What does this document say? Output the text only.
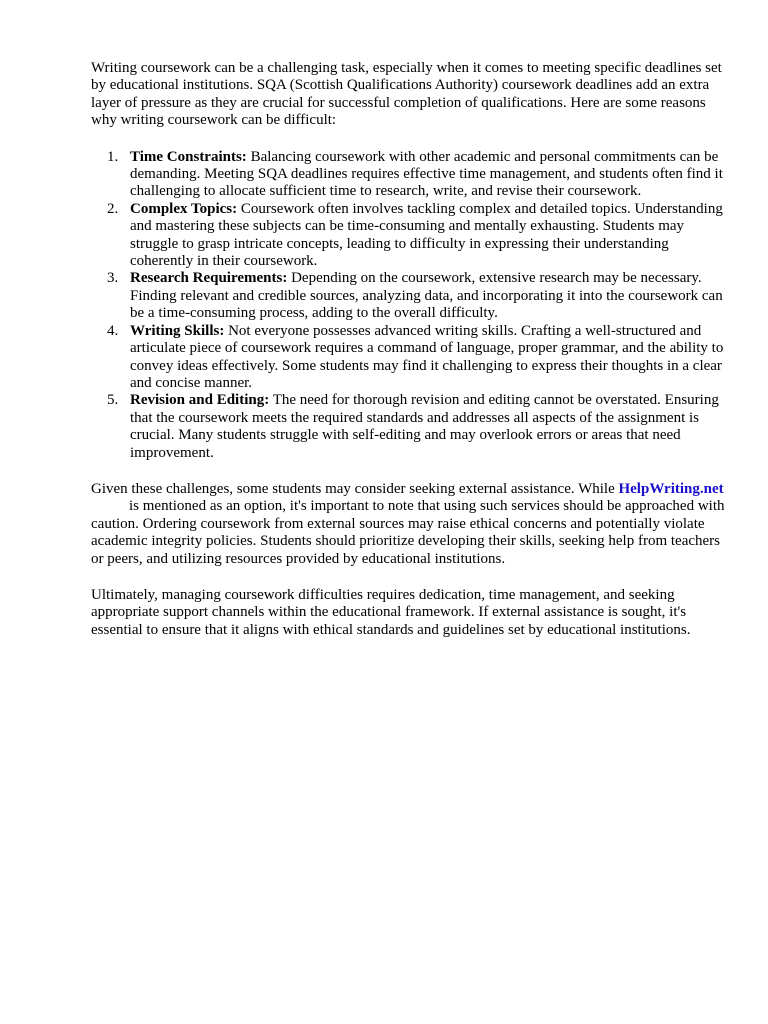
Writing coursework can be a challenging task, especially when it comes to meeting specific deadlines set by educational institutions. SQA (Scottish Qualifications Authority) coursework deadlines add an extra layer of pressure as they are crucial for successful completion of qualifications. Here are some reasons why writing coursework can be difficult:

1. Time Constraints: Balancing coursework with other academic and personal commitments can be demanding. Meeting SQA deadlines requires effective time management, and students often find it challenging to allocate sufficient time to research, write, and revise their coursework.
2. Complex Topics: Coursework often involves tackling complex and detailed topics. Understanding and mastering these subjects can be time-consuming and mentally exhausting. Students may struggle to grasp intricate concepts, leading to difficulty in expressing their understanding coherently in their coursework.
3. Research Requirements: Depending on the coursework, extensive research may be necessary. Finding relevant and credible sources, analyzing data, and incorporating it into the coursework can be a time-consuming process, adding to the overall difficulty.
4. Writing Skills: Not everyone possesses advanced writing skills. Crafting a well-structured and articulate piece of coursework requires a command of language, proper grammar, and the ability to convey ideas effectively. Some students may find it challenging to express their thoughts in a clear and concise manner.
5. Revision and Editing: The need for thorough revision and editing cannot be overstated. Ensuring that the coursework meets the required standards and addresses all aspects of the assignment is crucial. Many students struggle with self-editing and may overlook errors or areas that need improvement.

Given these challenges, some students may consider seeking external assistance. While HelpWriting.netis mentioned as an option, it's important to note that using such services should be approached with caution. Ordering coursework from external sources may raise ethical concerns and potentially violate academic integrity policies. Students should prioritize developing their skills, seeking help from teachers or peers, and utilizing resources provided by educational institutions.

Ultimately, managing coursework difficulties requires dedication, time management, and seeking appropriate support channels within the educational framework. If external assistance is sought, it's essential to ensure that it aligns with ethical standards and guidelines set by educational institutions.
